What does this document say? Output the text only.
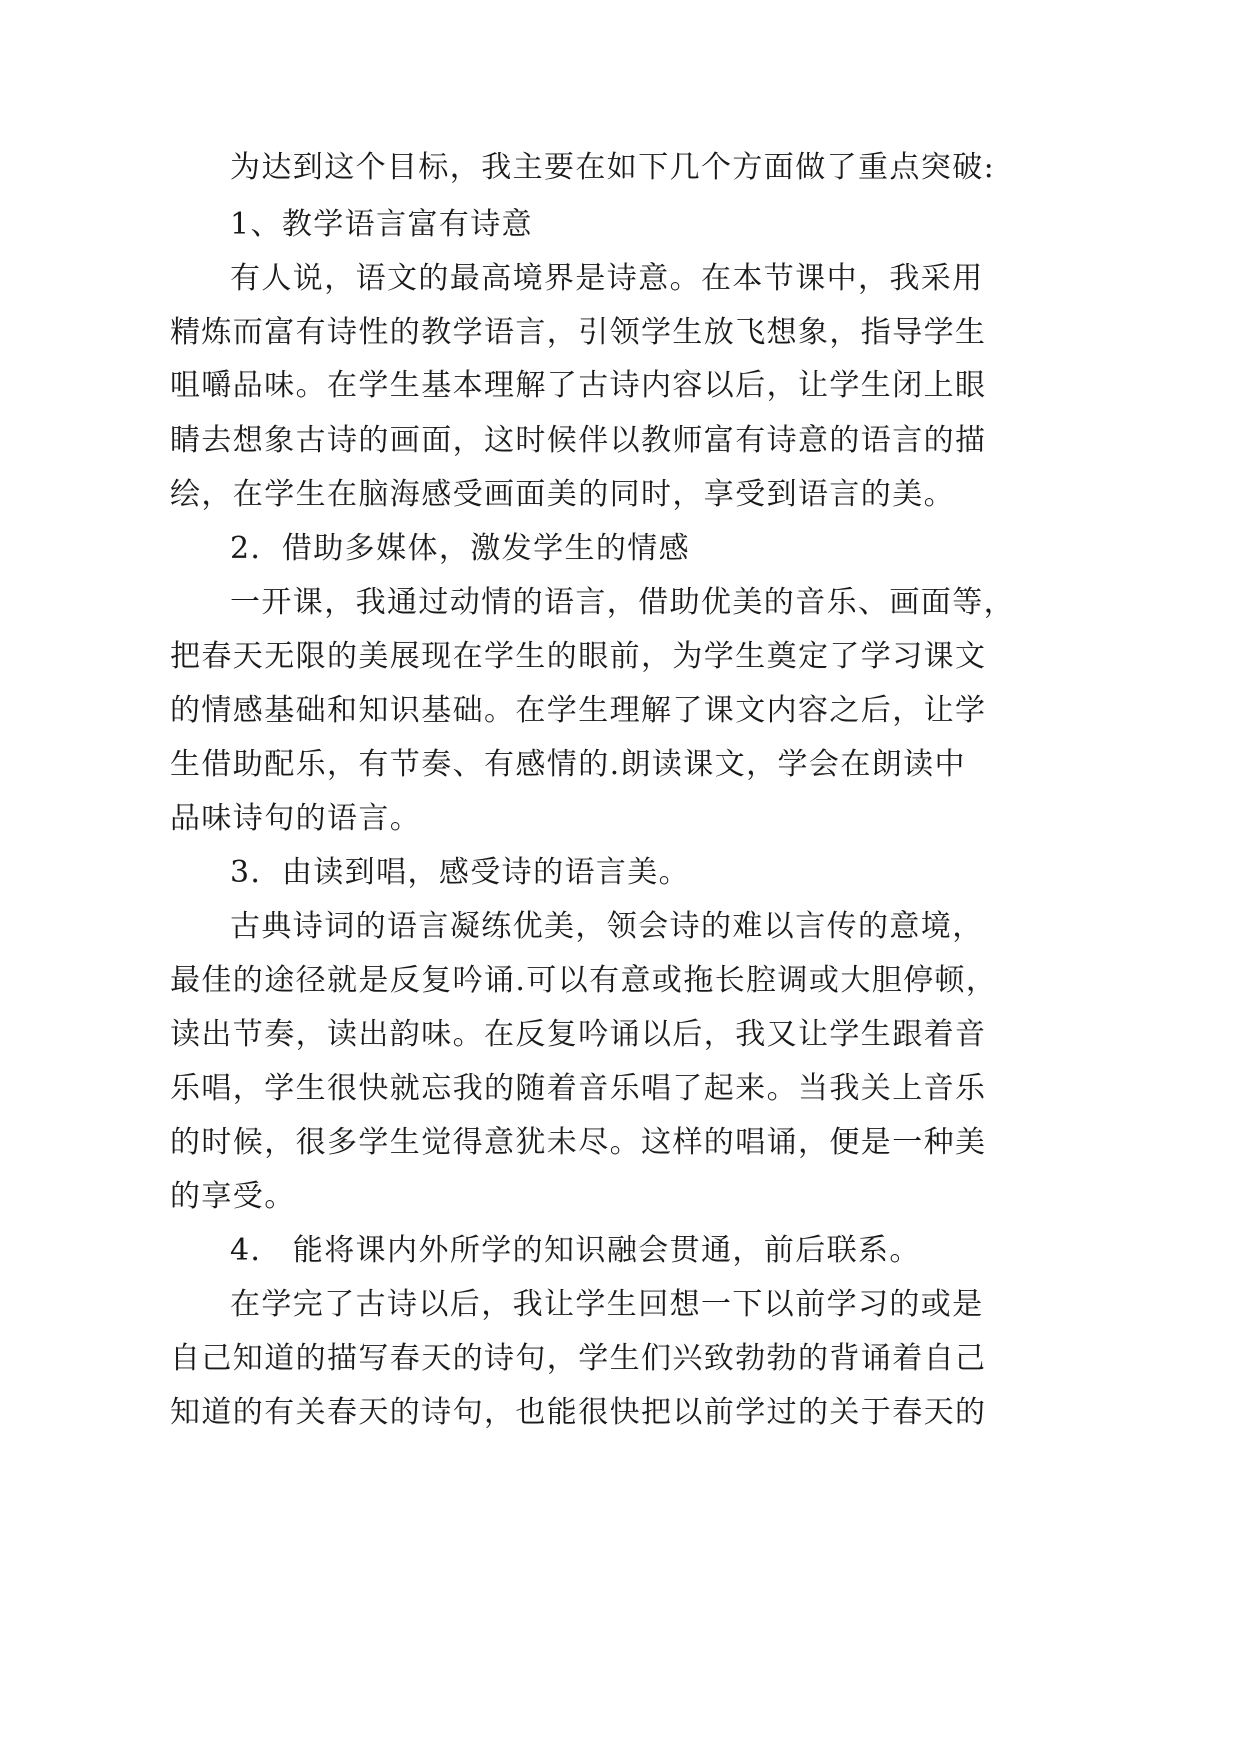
为达到这个目标，我主要在如下几个方面做了重点突破:
1、教学语言富有诗意
有人说，语文的最高境界是诗意。在本节课中，我采用
精炼而富有诗性的教学语言，引领学生放飞想象，指导学生
咀嚼品味。在学生基本理解了古诗内容以后，让学生闭上眼
睛去想象古诗的画面，这时候伴以教师富有诗意的语言的描
绘，在学生在脑海感受画面美的同时，享受到语言的美。
2．借助多媒体，激发学生的情感
一开课，我通过动情的语言，借助优美的音乐、画面等，
把春天无限的美展现在学生的眼前，为学生奠定了学习课文
的情感基础和知识基础。在学生理解了课文内容之后，让学
生借助配乐，有节奏、有感情的.朗读课文，学会在朗读中
品味诗句的语言。
3．由读到唱，感受诗的语言美。
古典诗词的语言凝练优美，领会诗的难以言传的意境，
最佳的途径就是反复吟诵.可以有意或拖长腔调或大胆停顿，
读出节奏，读出韵味。在反复吟诵以后，我又让学生跟着音
乐唱，学生很快就忘我的随着音乐唱了起来。当我关上音乐
的时候，很多学生觉得意犹未尽。这样的唱诵，便是一种美
的享受。
4． 能将课内外所学的知识融会贯通，前后联系。
在学完了古诗以后，我让学生回想一下以前学习的或是
自己知道的描写春天的诗句，学生们兴致勃勃的背诵着自己
知道的有关春天的诗句，也能很快把以前学过的关于春天的
